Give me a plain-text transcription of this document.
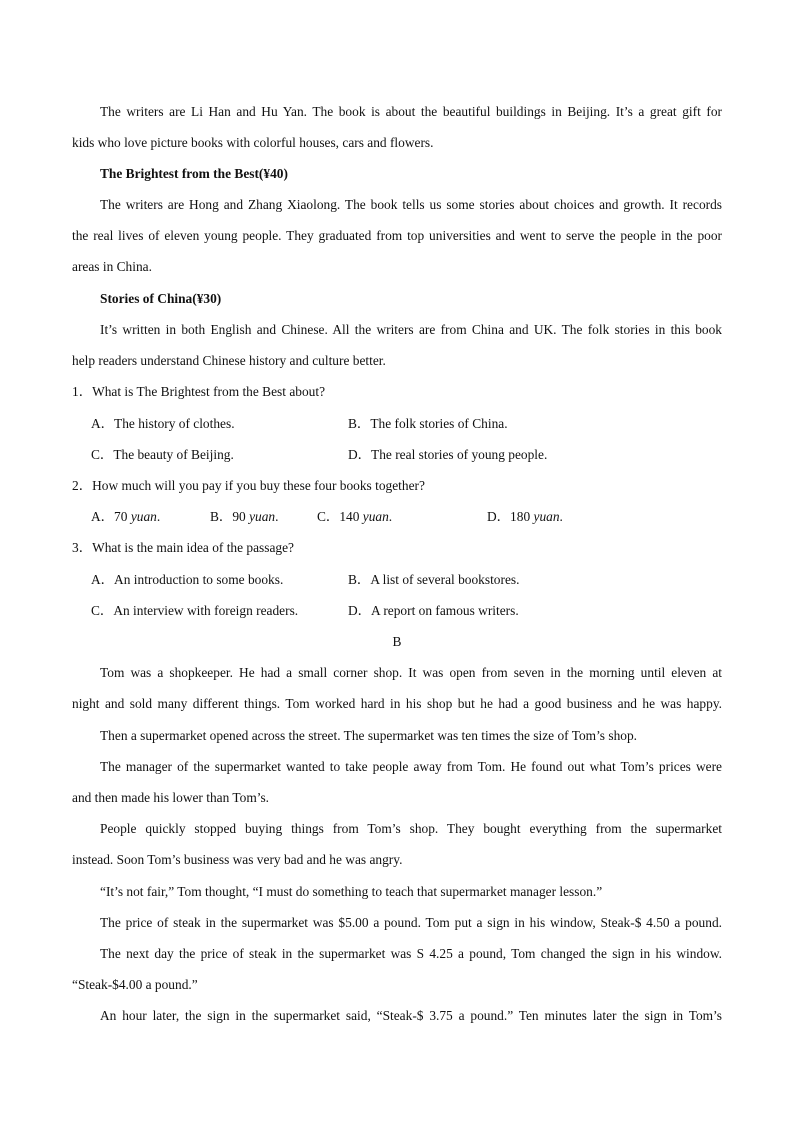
The writers are Li Han and Hu Yan. The book is about the beautiful buildings in Beijing. It’s a great gift for
kids who love picture books with colorful houses, cars and flowers.
The Brightest from the Best(¥40)
The writers are Hong and Zhang Xiaolong. The book tells us some stories about choices and growth. It records
the real lives of eleven young people. They graduated from top universities and went to serve the people in the poor
areas in China.
Stories of China(¥30)
It’s written in both English and Chinese. All the writers are from China and UK. The folk stories in this book
help readers understand Chinese history and culture better.
1．What is The Brightest from the Best about?
A．The history of clothes.	B．The folk stories of China.
C．The beauty of Beijing.	D．The real stories of young people.
2．How much will you pay if you buy these four books together?
A．70 yuan.	B．90 yuan.	C．140 yuan.	D．180 yuan.
3．What is the main idea of the passage?
A．An introduction to some books.	B．A list of several bookstores.
C．An interview with foreign readers.	D．A report on famous writers.
B
Tom was a shopkeeper. He had a small corner shop. It was open from seven in the morning until eleven at
night and sold many different things. Tom worked hard in his shop but he had a good business and he was happy.
Then a supermarket opened across the street. The supermarket was ten times the size of Tom’s shop.
The manager of the supermarket wanted to take people away from Tom. He found out what Tom’s prices were
and then made his lower than Tom’s.
People quickly stopped buying things from Tom’s shop. They bought everything from the supermarket
instead. Soon Tom’s business was very bad and he was angry.
“It’s not fair,” Tom thought, “I must do something to teach that supermarket manager lesson.”
The price of steak in the supermarket was $5.00 a pound. Tom put a sign in his window, Steak-$ 4.50 a pound.
The next day the price of steak in the supermarket was S 4.25 a pound, Tom changed the sign in his window.
“Steak-$4.00 a pound.”
An hour later, the sign in the supermarket said, “Steak-$ 3.75 a pound.” Ten minutes later the sign in Tom’s
